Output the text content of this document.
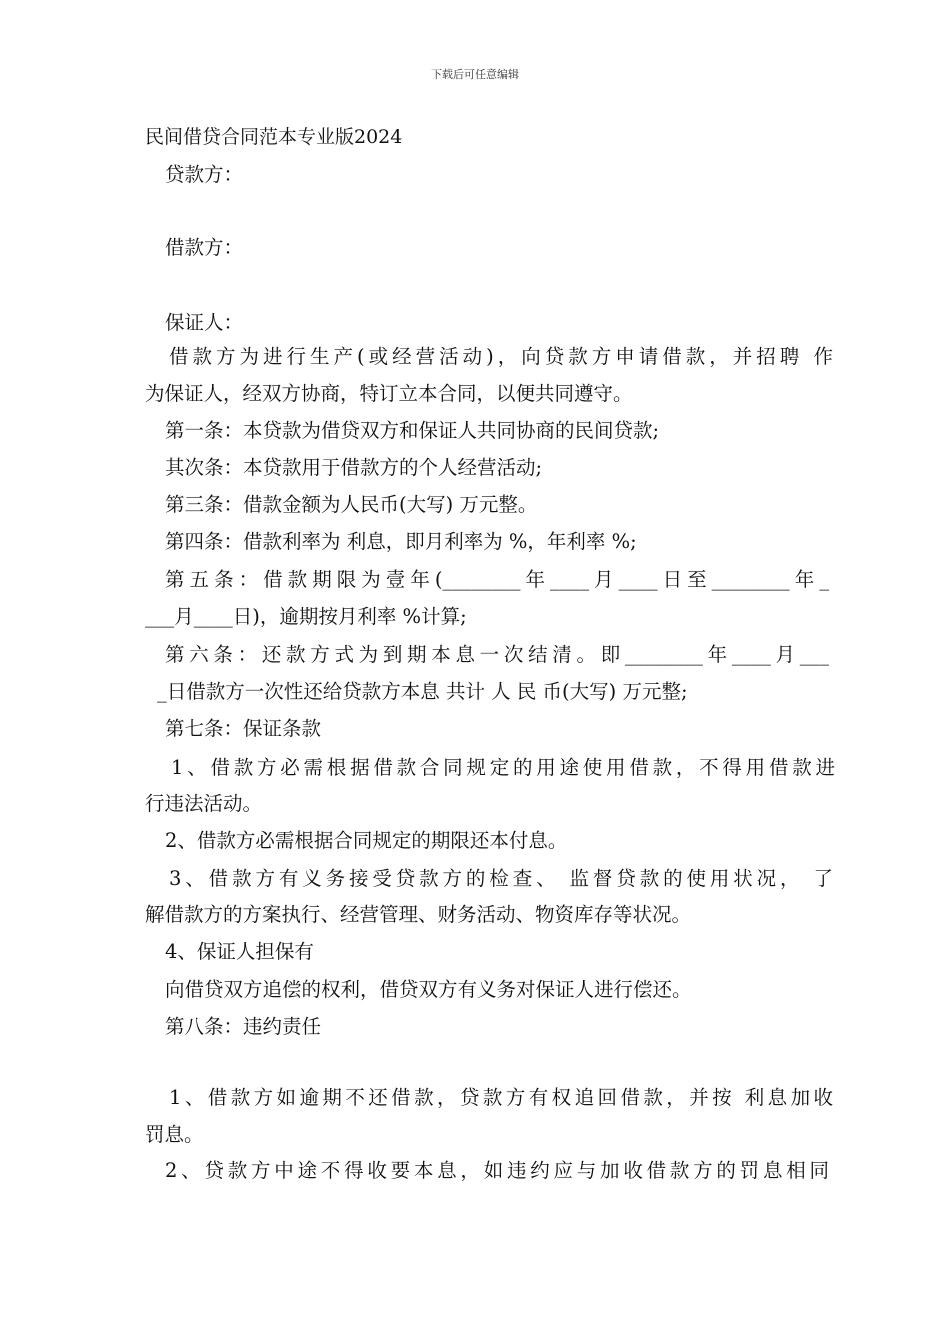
下载后可任意编辑
民间借贷合同范本专业版2024
贷款方：
借款方：
保证人：
借款方为进行生产(或经营活动)，向贷款方申请借款，并招聘 作
为保证人，经双方协商，特订立本合同，以便共同遵守。
第一条：本贷款为借贷双方和保证人共同协商的民间贷款;
其次条：本贷款用于借款方的个人经营活动;
第三条：借款金额为人民币(大写) 万元整。
第四条：借款利率为 利息，即月利率为 %，年利率 %;
第五条：借款期限为壹年(________年____月____日至________年_
___月____日)，逾期按月利率 %计算;
第六条：还款方式为到期本息一次结清。即________年____月___
_日借款方一次性还给贷款方本息 共计 人 民 币(大写) 万元整;
第七条：保证条款
1、借款方必需根据借款合同规定的用途使用借款，不得用借款进
行违法活动。
2、借款方必需根据合同规定的期限还本付息。
3、借款方有义务接受贷款方的检查、 监督贷款的使用状况， 了
解借款方的方案执行、经营管理、财务活动、物资库存等状况。
4、保证人担保有
向借贷双方追偿的权利，借贷双方有义务对保证人进行偿还。
第八条：违约责任
1、借款方如逾期不还借款，贷款方有权追回借款，并按 利息加收
罚息。
2、贷款方中途不得收要本息，如违约应与加收借款方的罚息相同
